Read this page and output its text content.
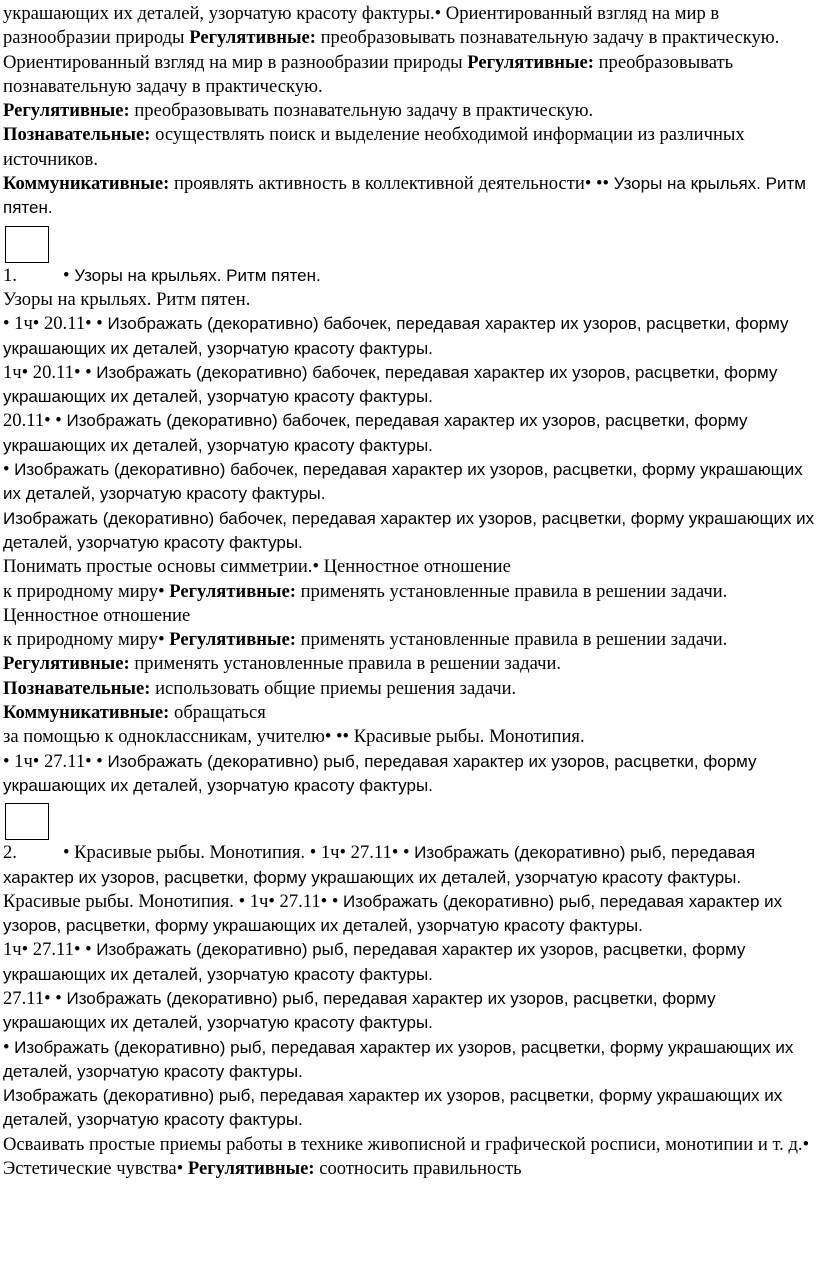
украшающих их деталей, узорчатую красоту фактуры.• Ориентированный взгляд на мир в разнообразии природы Регулятивные: преобразовывать познавательную задачу в практическую.

Ориентированный взгляд на мир в разнообразии природы Регулятивные: преобразовывать познавательную задачу в практическую.

Регулятивные: преобразовывать познавательную задачу в практическую.

Познавательные: осуществлять поиск и выделение необходимой информации из различных источников.

Коммуникативные: проявлять активность в коллективной деятельности• •• Узоры на крыльях. Ритм пятен.

1. • Узоры на крыльях. Ритм пятен.

Узоры на крыльях. Ритм пятен.

• 1ч• 20.11• • Изображать (декоративно) бабочек, передавая характер их узоров, расцветки, форму украшающих их деталей, узорчатую красоту фактуры.

1ч• 20.11• • Изображать (декоративно) бабочек, передавая характер их узоров, расцветки, форму украшающих их деталей, узорчатую красоту фактуры.

20.11• • Изображать (декоративно) бабочек, передавая характер их узоров, расцветки, форму украшающих их деталей, узорчатую красоту фактуры.

• Изображать (декоративно) бабочек, передавая характер их узоров, расцветки, форму украшающих их деталей, узорчатую красоту фактуры.

Изображать (декоративно) бабочек, передавая характер их узоров, расцветки, форму украшающих их деталей, узорчатую красоту фактуры.

Понимать простые основы симметрии.• Ценностное отношение

к природному миру• Регулятивные: применять установленные правила в решении задачи.

Ценностное отношение

к природному миру• Регулятивные: применять установленные правила в решении задачи.

Регулятивные: применять установленные правила в решении задачи.

Познавательные: использовать общие приемы решения задачи.

Коммуникативные: обращаться

за помощью к одноклассникам, учителю• •• Красивые рыбы. Монотипия.

• 1ч• 27.11• • Изображать (декоративно) рыб, передавая характер их узоров, расцветки, форму украшающих их деталей, узорчатую красоту фактуры.

2. • Красивые рыбы. Монотипия. • 1ч• 27.11• • Изображать (декоративно) рыб, передавая характер их узоров, расцветки, форму украшающих их деталей, узорчатую красоту фактуры.

Красивые рыбы. Монотипия. • 1ч• 27.11• • Изображать (декоративно) рыб, передавая характер их узоров, расцветки, форму украшающих их деталей, узорчатую красоту фактуры.

1ч• 27.11• • Изображать (декоративно) рыб, передавая характер их узоров, расцветки, форму украшающих их деталей, узорчатую красоту фактуры.

27.11• • Изображать (декоративно) рыб, передавая характер их узоров, расцветки, форму украшающих их деталей, узорчатую красоту фактуры.

• Изображать (декоративно) рыб, передавая характер их узоров, расцветки, форму украшающих их деталей, узорчатую красоту фактуры.

Изображать (декоративно) рыб, передавая характер их узоров, расцветки, форму украшающих их деталей, узорчатую красоту фактуры.

Осваивать простые приемы работы в технике живописной и графической росписи, монотипии и т. д.• Эстетические чувства• Регулятивные: соотносить правильность
